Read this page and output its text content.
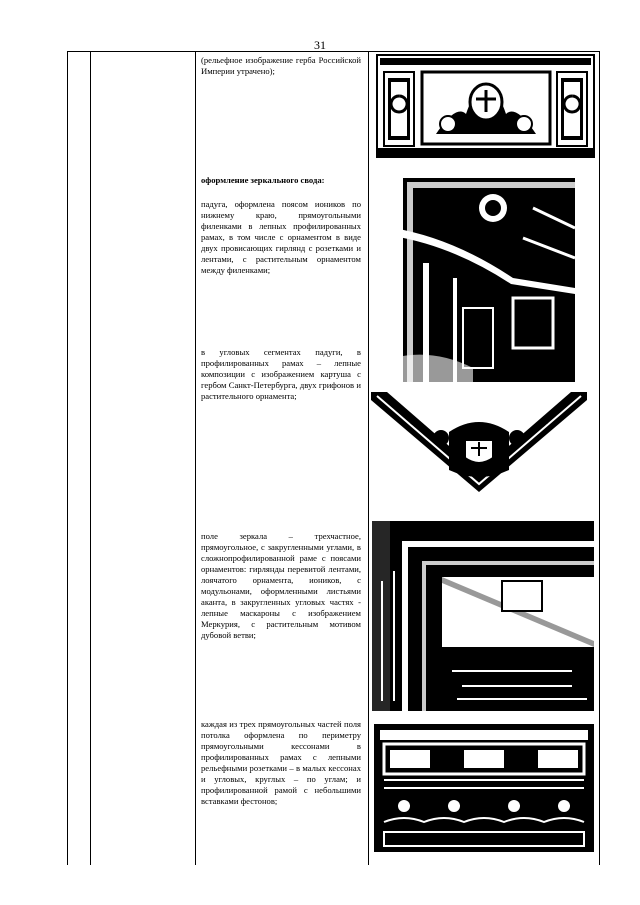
31

(рельефное изображение герба Российской Империи утрачено);

оформление зеркального свода:

падуга, оформлена поясом иоников по нижнему краю, прямоугольными филенками в лепных профилированных рамах, в том числе с орнаментом в виде двух провисающих гирлянд с розетками и лентами, с растительным орнаментом между филенками;

в угловых сегментах падуги, в профилированных рамах – лепные композиции с изображением картуша с гербом Санкт-Петербурга, двух грифонов и растительного орнамента;

поле зеркала – трехчастное, прямоугольное, с закругленными углами, в сложнопрофилированной раме с поясами орнаментов: гирлянды перевитой лентами, лоячатого орнамента, иоников, с модульонами, оформленными листьями аканта, в закругленных угловых частях - лепные маскароны с изображением Меркурия, с растительным мотивом дубовой ветви;

каждая из трех прямоугольных частей поля потолка оформлена по периметру прямоугольными кессонами в профилированных рамах с лепными рельефными розетками – в малых кессонах и угловых, круглых – по углам; и профилированной рамой с небольшими вставками фестонов;
